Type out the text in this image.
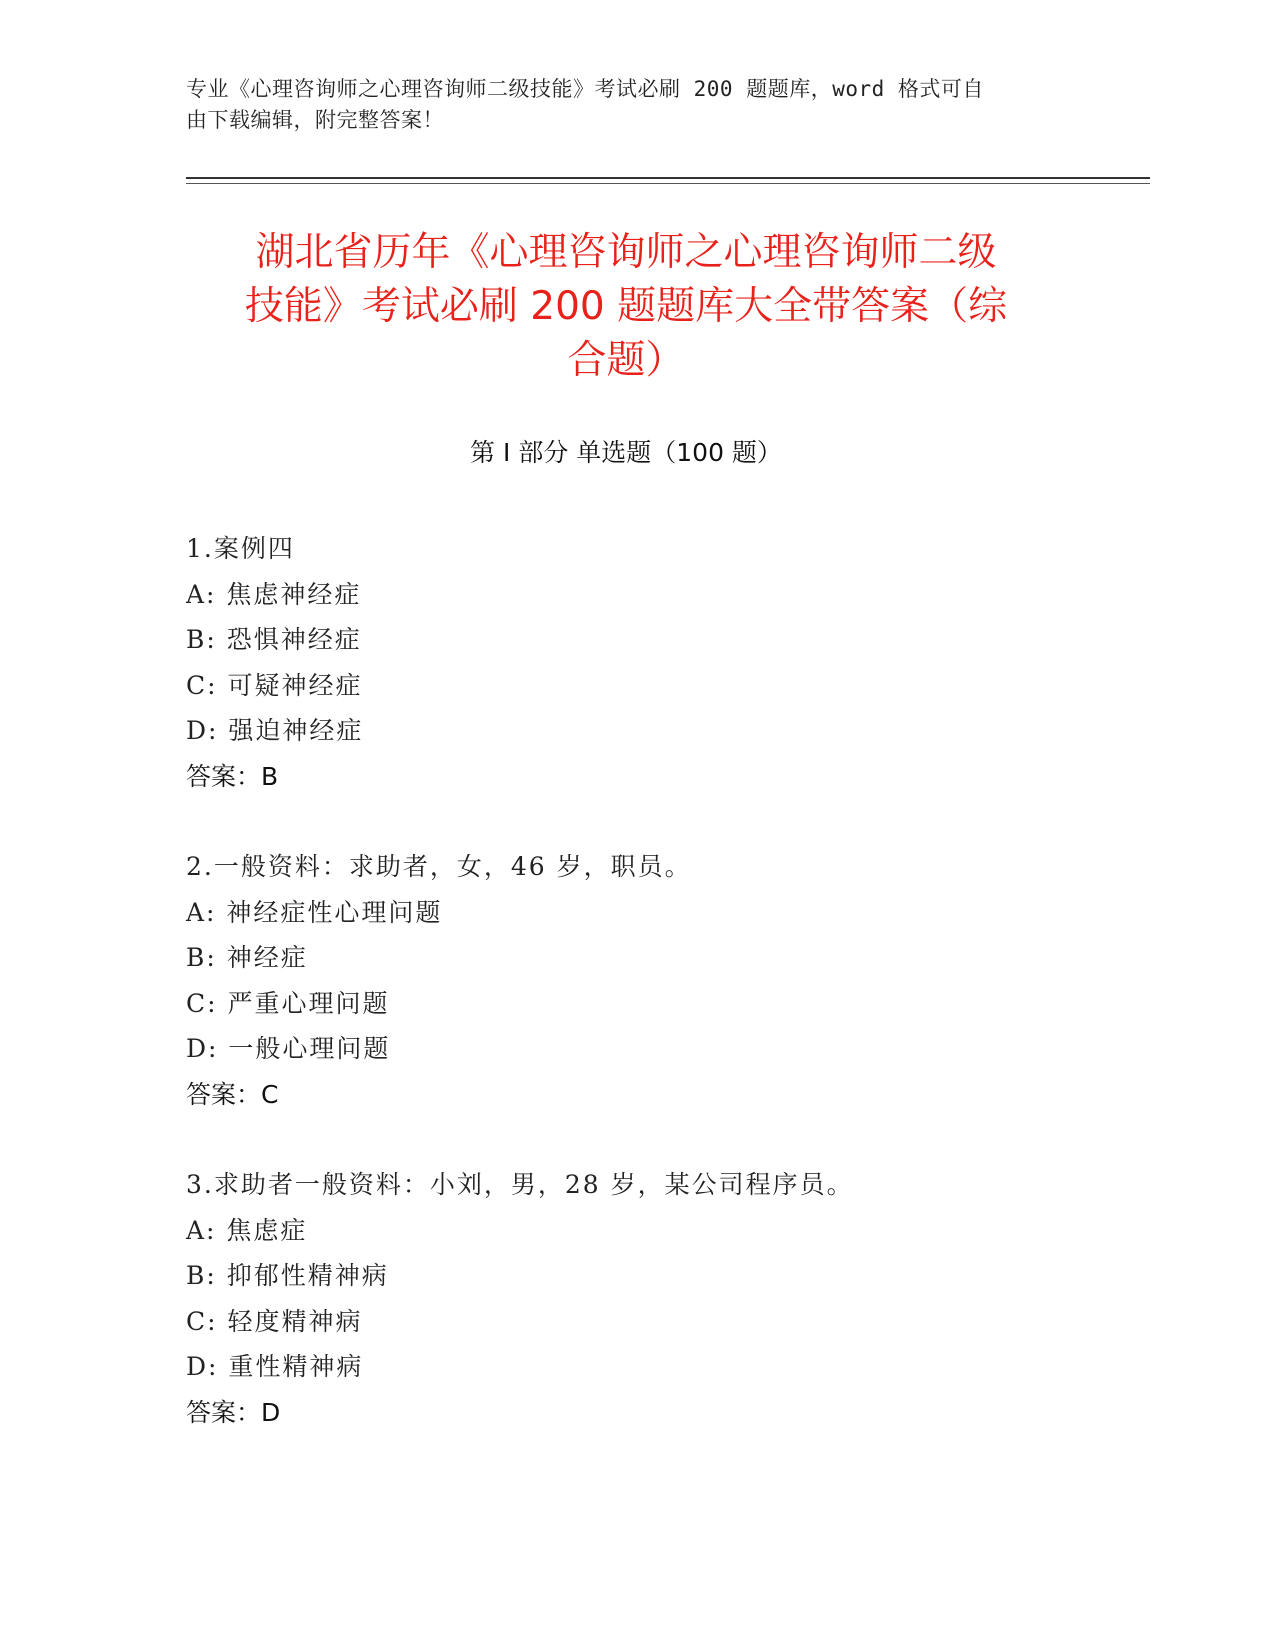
专业《心理咨询师之心理咨询师二级技能》考试必刷 200 题题库，word 格式可自
由下载编辑，附完整答案！
湖北省历年《心理咨询师之心理咨询师二级
技能》考试必刷 200 题题库大全带答案（综
合题）
第 I 部分 单选题（100 题）
1.案例四
A: 焦虑神经症
B: 恐惧神经症
C: 可疑神经症
D: 强迫神经症
答案：B
2.一般资料：求助者，女，46 岁，职员。
A: 神经症性心理问题
B: 神经症
C: 严重心理问题
D: 一般心理问题
答案：C
3.求助者一般资料：小刘，男，28 岁，某公司程序员。
A: 焦虑症
B: 抑郁性精神病
C: 轻度精神病
D: 重性精神病
答案：D
